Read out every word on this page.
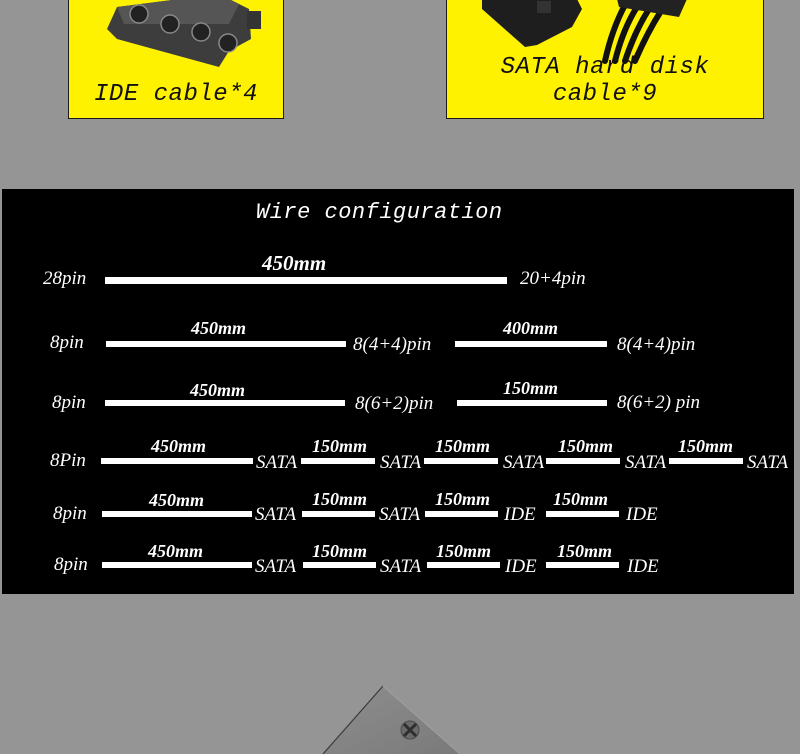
IDE cable*4
SATA hard disk cable*9
Wire configuration
28pin
450mm
20+4pin
8pin
450mm
8(4+4)pin
400mm
8(4+4)pin
8pin
450mm
8(6+2)pin
150mm
8(6+2) pin
8Pin
450mm
SATA
150mm
SATA
150mm
SATA
150mm
SATA
150mm
SATA
8pin
450mm
SATA
150mm
SATA
150mm
IDE
150mm
IDE
8pin
450mm
SATA
150mm
SATA
150mm
IDE
150mm
IDE
